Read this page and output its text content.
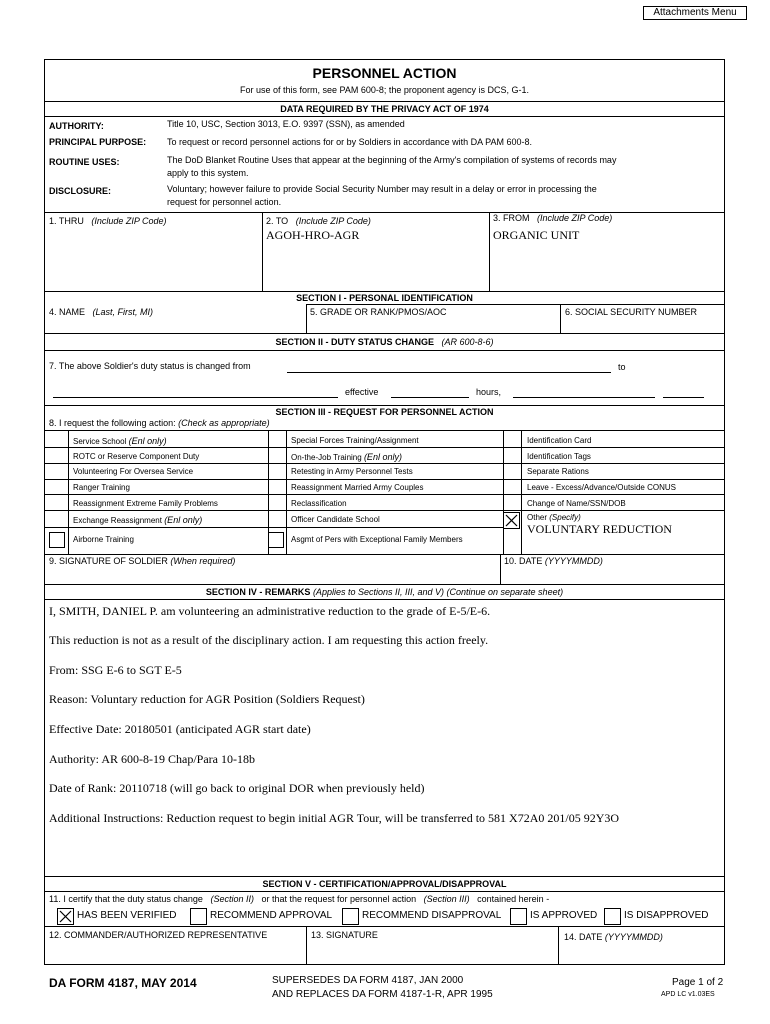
Attachments Menu
PERSONNEL ACTION
For use of this form, see PAM 600-8; the proponent agency is DCS, G-1.
DATA REQUIRED BY THE PRIVACY ACT OF 1974
AUTHORITY:	Title 10, USC, Section 3013, E.O. 9397 (SSN), as amended
PRINCIPAL PURPOSE: To request or record personnel actions for or by Soldiers in accordance with DA PAM 600-8.
ROUTINE USES:	The DoD Blanket Routine Uses that appear at the beginning of the Army's compilation of systems of records may
apply to this system.
DISCLOSURE:	Voluntary; however failure to provide Social Security Number may result in a delay or error in processing the
request for personnel action.
1. THRU (Include ZIP Code)	2. TO (Include ZIP Code)
AGOH-HRO-AGR
3. FROM (Include ZIP Code)
ORGANIC UNIT
SECTION I - PERSONAL IDENTIFICATION
4. NAME (Last, First, MI)	5. GRADE OR RANK/PMOS/AOC	6. SOCIAL SECURITY NUMBER
SECTION II - DUTY STATUS CHANGE (AR 600-8-6)
7. The above Soldier's duty status is changed from	to
effective	hours,
SECTION III - REQUEST FOR PERSONNEL ACTION
8. I request the following action: (Check as appropriate)
Service School (Enl only)
ROTC or Reserve Component Duty
Volunteering For Oversea Service
Ranger Training
Reassignment Extreme Family Problems
Exchange Reassignment (Enl only)
Airborne Training
Special Forces Training/Assignment
On-the-Job Training (Enl only)
Retesting in Army Personnel Tests
Reassignment Married Army Couples
Reclassification
Officer Candidate School
Asgmt of Pers with Exceptional Family Members
Identification Card
Identification Tags
Separate Rations
Leave - Excess/Advance/Outside CONUS
Change of Name/SSN/DOB
Other (Specify)
VOLUNTARY REDUCTION
9. SIGNATURE OF SOLDIER (When required)	10. DATE (YYYYMMDD)
SECTION IV - REMARKS (Applies to Sections II, III, and V) (Continue on separate sheet)
I, SMITH, DANIEL P. am volunteering an administrative reduction to the grade of E-5/E-6.
This reduction is not as a result of the disciplinary action. I am requesting this action freely.
From: SSG E-6 to SGT E-5
Reason: Voluntary reduction for AGR Position (Soldiers Request)
Effective Date: 20180501 (anticipated AGR start date)
Authority: AR 600-8-19 Chap/Para 10-18b
Date of Rank: 20110718 (will go back to original DOR when previously held)
Additional Instructions: Reduction request to begin initial AGR Tour, will be transferred to 581 X72A0 201/05 92Y3O
SECTION V - CERTIFICATION/APPROVAL/DISAPPROVAL
11. I certify that the duty status change (Section II) or that the request for personnel action (Section III) contained herein -
HAS BEEN VERIFIED	RECOMMEND APPROVAL	RECOMMEND DISAPPROVAL	IS APPROVED	IS DISAPPROVED
12. COMMANDER/AUTHORIZED REPRESENTATIVE	13. SIGNATURE	14. DATE (YYYYMMDD)
DA FORM 4187, MAY 2014	SUPERSEDES DA FORM 4187, JAN 2000
AND REPLACES DA FORM 4187-1-R, APR 1995
Page 1 of 2
APD LC v1.03ES
